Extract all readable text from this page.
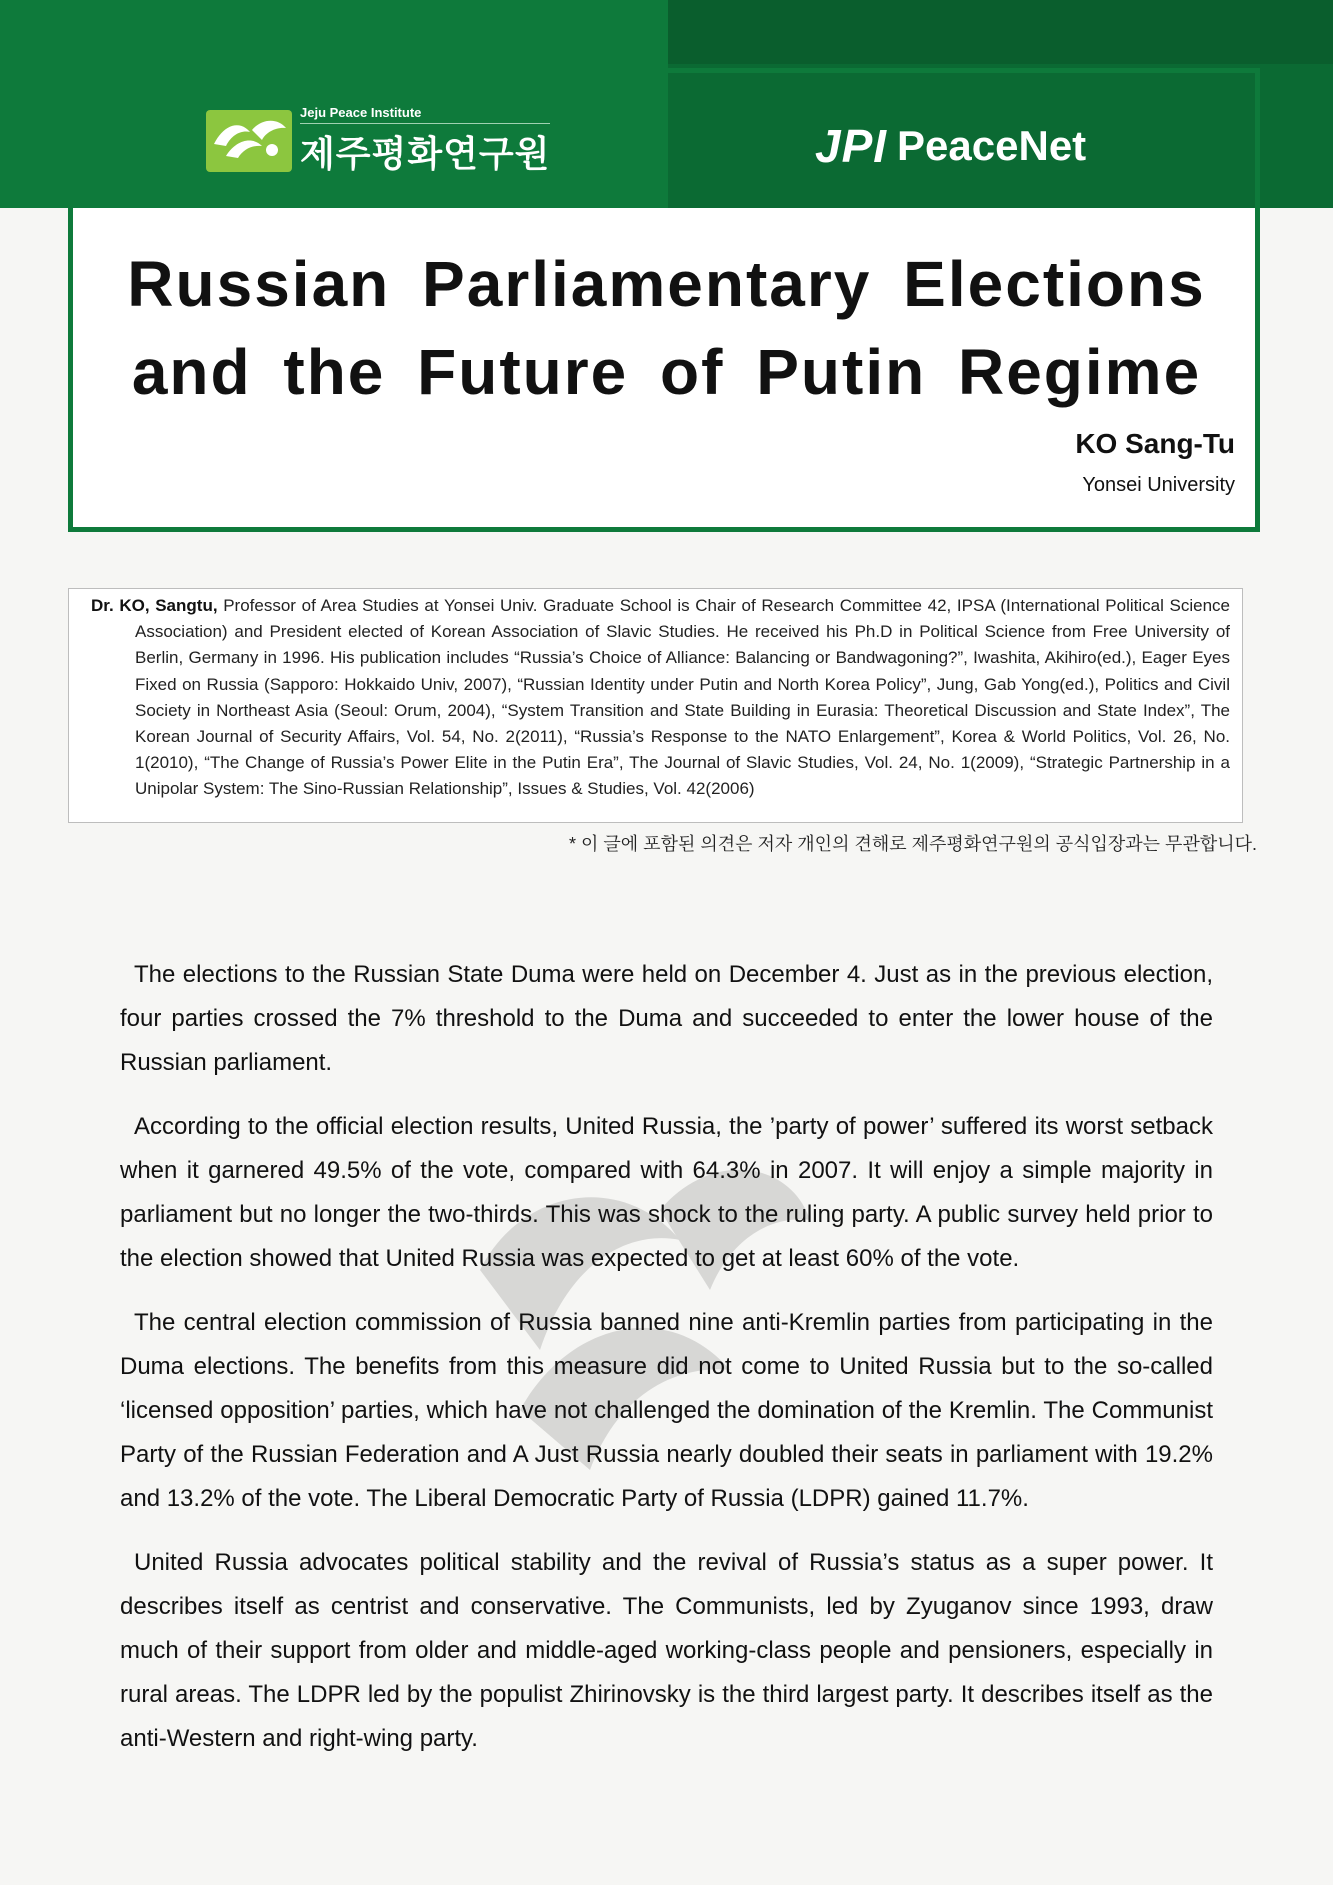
Jeju Peace Institute
제주평화연구원	JPI PeaceNet
Russian Parliamentary Elections
and the Future of Putin Regime
KO Sang-Tu
Yonsei University

Dr. KO, Sangtu, Professor of Area Studies at Yonsei Univ. Graduate School is Chair of Research Committee 42, IPSA (International Political Science Association) and President elected of Korean Association of Slavic Studies. He received his Ph.D in Political Science from Free University of Berlin, Germany in 1996. His publication includes “Russia’s Choice of Alliance: Balancing or Bandwagoning?”, Iwashita, Akihiro(ed.), Eager Eyes Fixed on Russia (Sapporo: Hokkaido Univ, 2007), “Russian Identity under Putin and North Korea Policy”, Jung, Gab Yong(ed.), Politics and Civil Society in Northeast Asia (Seoul: Orum, 2004), “System Transition and State Building in Eurasia: Theoretical Discussion and State Index”, The Korean Journal of Security Affairs, Vol. 54, No. 2(2011), “Russia’s Response to the NATO Enlargement”, Korea & World Politics, Vol. 26, No. 1(2010), “The Change of Russia’s Power Elite in the Putin Era”, The Journal of Slavic Studies, Vol. 24, No. 1(2009), “Strategic Partnership in a Unipolar System: The Sino-Russian Relationship”, Issues & Studies, Vol. 42(2006)

* 이 글에 포함된 의견은 저자 개인의 견해로 제주평화연구원의 공식입장과는 무관합니다.

The elections to the Russian State Duma were held on December 4. Just as in the previous election, four parties crossed the 7% threshold to the Duma and succeeded to enter the lower house of the Russian parliament.

According to the official election results, United Russia, the ’party of power’ suffered its worst setback when it garnered 49.5% of the vote, compared with 64.3% in 2007. It will enjoy a simple majority in parliament but no longer the two-thirds. This was shock to the ruling party. A public survey held prior to the election showed that United Russia was expected to get at least 60% of the vote.

The central election commission of Russia banned nine anti-Kremlin parties from participating in the Duma elections. The benefits from this measure did not come to United Russia but to the so-called ‘licensed opposition’ parties, which have not challenged the domination of the Kremlin. The Communist Party of the Russian Federation and A Just Russia nearly doubled their seats in parliament with 19.2% and 13.2% of the vote. The Liberal Democratic Party of Russia (LDPR) gained 11.7%.

United Russia advocates political stability and the revival of Russia’s status as a super power. It describes itself as centrist and conservative. The Communists, led by Zyuganov since 1993, draw much of their support from older and middle-aged working-class people and pensioners, especially in rural areas. The LDPR led by the populist Zhirinovsky is the third largest party. It describes itself as the anti-Western and right-wing party.
